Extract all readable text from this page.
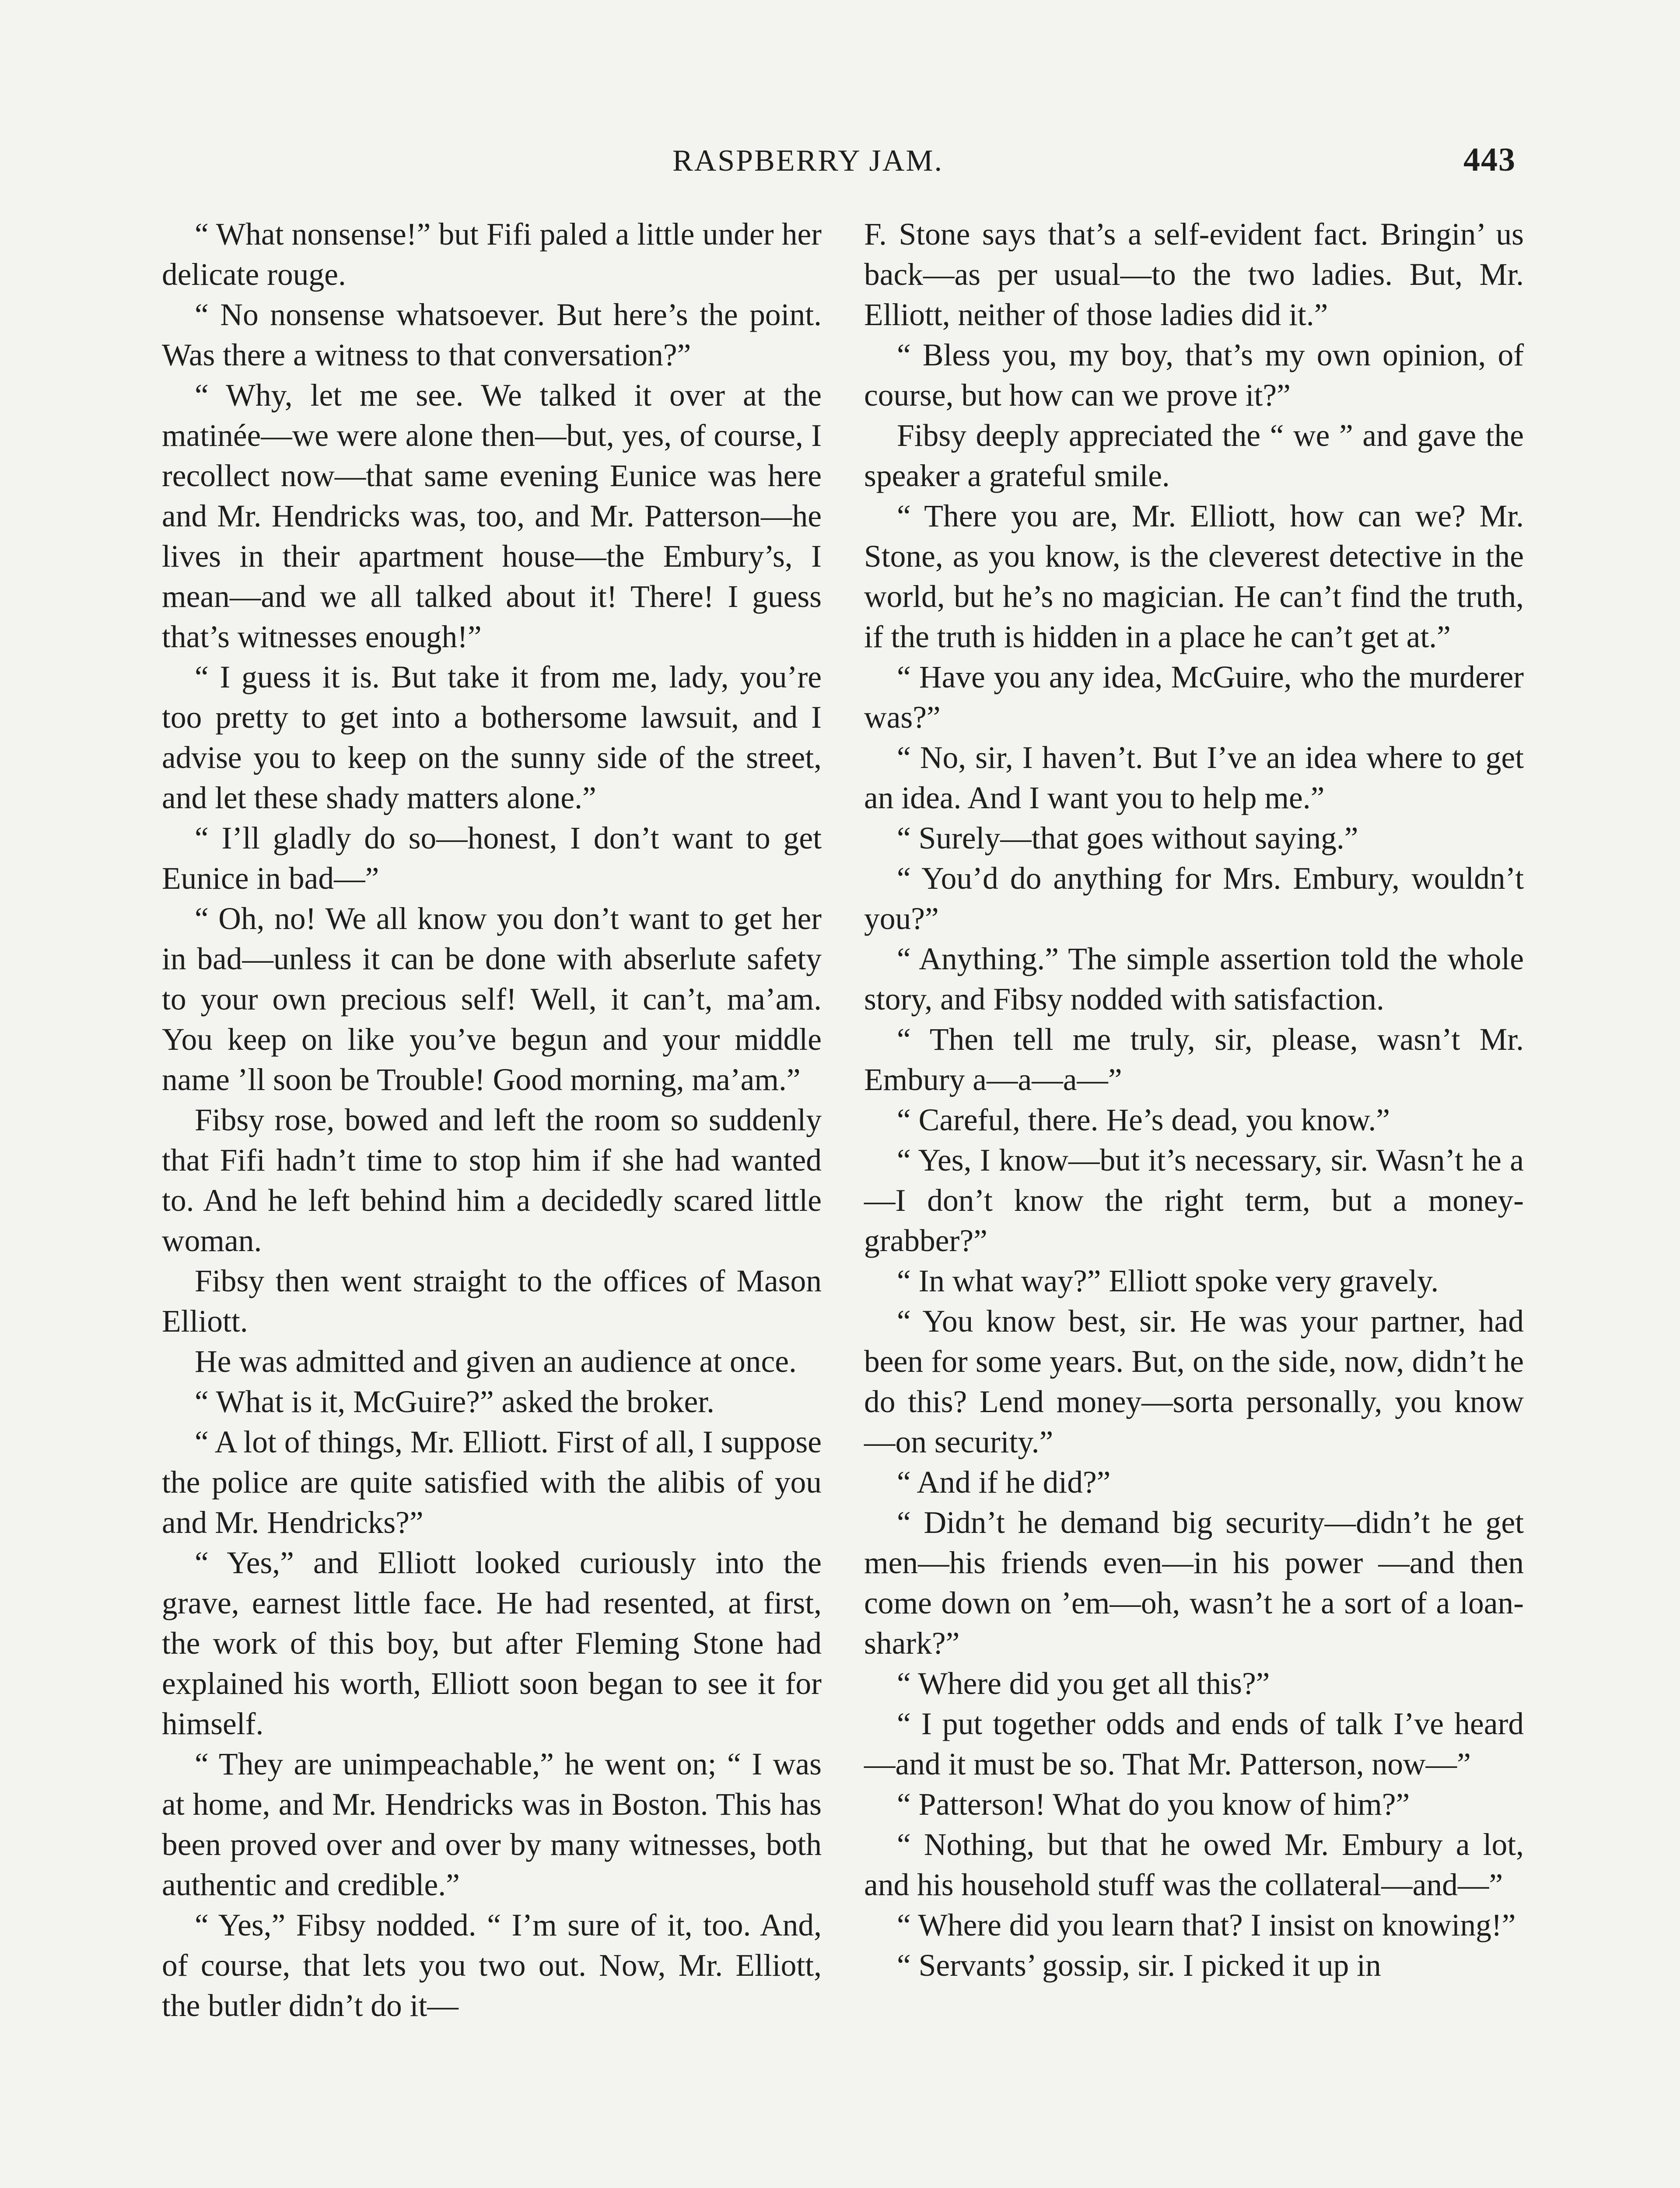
RASPBERRY JAM.	443

“ What nonsense!” but Fifi paled a little under her delicate rouge.

“ No nonsense whatsoever. But here’s the point. Was there a witness to that conversation?”

“ Why, let me see. We talked it over at the matinée—we were alone then—but, yes, of course, I recollect now—that same evening Eunice was here and Mr. Hendricks was, too, and Mr. Patterson—he lives in their apartment house—the Embury’s, I mean—and we all talked about it! There! I guess that’s witnesses enough!”

“ I guess it is. But take it from me, lady, you’re too pretty to get into a bothersome lawsuit, and I advise you to keep on the sunny side of the street, and let these shady matters alone.”

“ I’ll gladly do so—honest, I don’t want to get Eunice in bad—”

“ Oh, no! We all know you don’t want to get her in bad—unless it can be done with abserlute safety to your own precious self! Well, it can’t, ma’am. You keep on like you’ve begun and your middle name ’ll soon be Trouble! Good morning, ma’am.”

Fibsy rose, bowed and left the room so suddenly that Fifi hadn’t time to stop him if she had wanted to. And he left behind him a decidedly scared little woman.

Fibsy then went straight to the offices of Mason Elliott.

He was admitted and given an audience at once.

“ What is it, McGuire?” asked the broker.

“ A lot of things, Mr. Elliott. First of all, I suppose the police are quite satisfied with the alibis of you and Mr. Hendricks?”

“ Yes,” and Elliott looked curiously into the grave, earnest little face. He had resented, at first, the work of this boy, but after Fleming Stone had explained his worth, Elliott soon began to see it for himself.

“ They are unimpeachable,” he went on; “ I was at home, and Mr. Hendricks was in Boston. This has been proved over and over by many witnesses, both authentic and credible.”

“ Yes,” Fibsy nodded. “ I’m sure of it, too. And, of course, that lets you two out. Now, Mr. Elliott, the butler didn’t do it—

F. Stone says that’s a self-evident fact. Bringin’ us back—as per usual—to the two ladies. But, Mr. Elliott, neither of those ladies did it.”

“ Bless you, my boy, that’s my own opinion, of course, but how can we prove it?”

Fibsy deeply appreciated the “ we ” and gave the speaker a grateful smile.

“ There you are, Mr. Elliott, how can we? Mr. Stone, as you know, is the cleverest detective in the world, but he’s no magician. He can’t find the truth, if the truth is hidden in a place he can’t get at.”

“ Have you any idea, McGuire, who the murderer was?”

“ No, sir, I haven’t. But I’ve an idea where to get an idea. And I want you to help me.”

“ Surely—that goes without saying.”

“ You’d do anything for Mrs. Embury, wouldn’t you?”

“ Anything.” The simple assertion told the whole story, and Fibsy nodded with satisfaction.

“ Then tell me truly, sir, please, wasn’t Mr. Embury a—a—a—”

“ Careful, there. He’s dead, you know.”

“ Yes, I know—but it’s necessary, sir. Wasn’t he a—I don’t know the right term, but a money-grabber?”

“ In what way?” Elliott spoke very gravely.

“ You know best, sir. He was your partner, had been for some years. But, on the side, now, didn’t he do this? Lend money—sorta personally, you know—on security.”

“ And if he did?”

“ Didn’t he demand big security—didn’t he get men—his friends even—in his power —and then come down on ’em—oh, wasn’t he a sort of a loan-shark?”

“ Where did you get all this?”

“ I put together odds and ends of talk I’ve heard—and it must be so. That Mr. Patterson, now—”

“ Patterson! What do you know of him?”

“ Nothing, but that he owed Mr. Embury a lot, and his household stuff was the collateral—and—”

“ Where did you learn that? I insist on knowing!”

“ Servants’ gossip, sir. I picked it up in
